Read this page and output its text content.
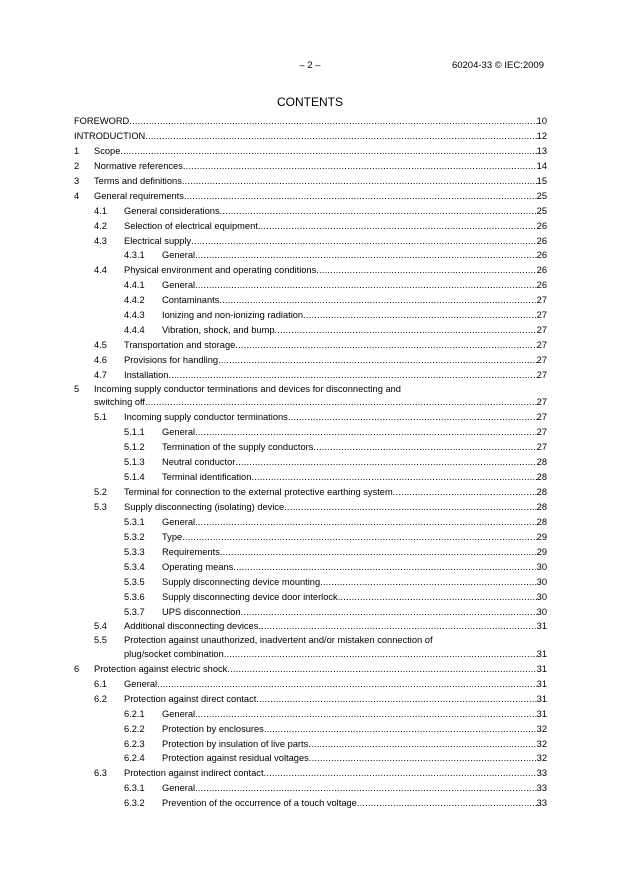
– 2 –	60204-33 © IEC:2009
CONTENTS
FOREWORD .....	10
INTRODUCTION .....	12
1 Scope .....	13
2 Normative references .....	14
3 Terms and definitions .....	15
4 General requirements .....	25
4.1 General considerations .....	25
4.2 Selection of electrical equipment .....	26
4.3 Electrical supply .....	26
4.3.1 General .....	26
4.4 Physical environment and operating conditions .....	26
4.4.1 General .....	26
4.4.2 Contaminants .....	27
4.4.3 Ionizing and non-ionizing radiation .....	27
4.4.4 Vibration, shock, and bump .....	27
4.5 Transportation and storage .....	27
4.6 Provisions for handling .....	27
4.7 Installation .....	27
5 Incoming supply conductor terminations and devices for disconnecting and
switching off .....	27
5.1 Incoming supply conductor terminations .....	27
5.1.1 General .....	27
5.1.2 Termination of the supply conductors .....	27
5.1.3 Neutral conductor .....	28
5.1.4 Terminal identification .....	28
5.2 Terminal for connection to the external protective earthing system .....	28
5.3 Supply disconnecting (isolating) device .....	28
5.3.1 General .....	28
5.3.2 Type .....	29
5.3.3 Requirements .....	29
5.3.4 Operating means .....	30
5.3.5 Supply disconnecting device mounting .....	30
5.3.6 Supply disconnecting device door interlock .....	30
5.3.7 UPS disconnection .....	30
5.4 Additional disconnecting devices .....	31
5.5 Protection against unauthorized, inadvertent and/or mistaken connection of
plug/socket combination .....	31
6 Protection against electric shock .....	31
6.1 General .....	31
6.2 Protection against direct contact .....	31
6.2.1 General .....	31
6.2.2 Protection by enclosures .....	32
6.2.3 Protection by insulation of live parts .....	32
6.2.4 Protection against residual voltages .....	32
6.3 Protection against indirect contact .....	33
6.3.1 General .....	33
6.3.2 Prevention of the occurrence of a touch voltage .....	33
